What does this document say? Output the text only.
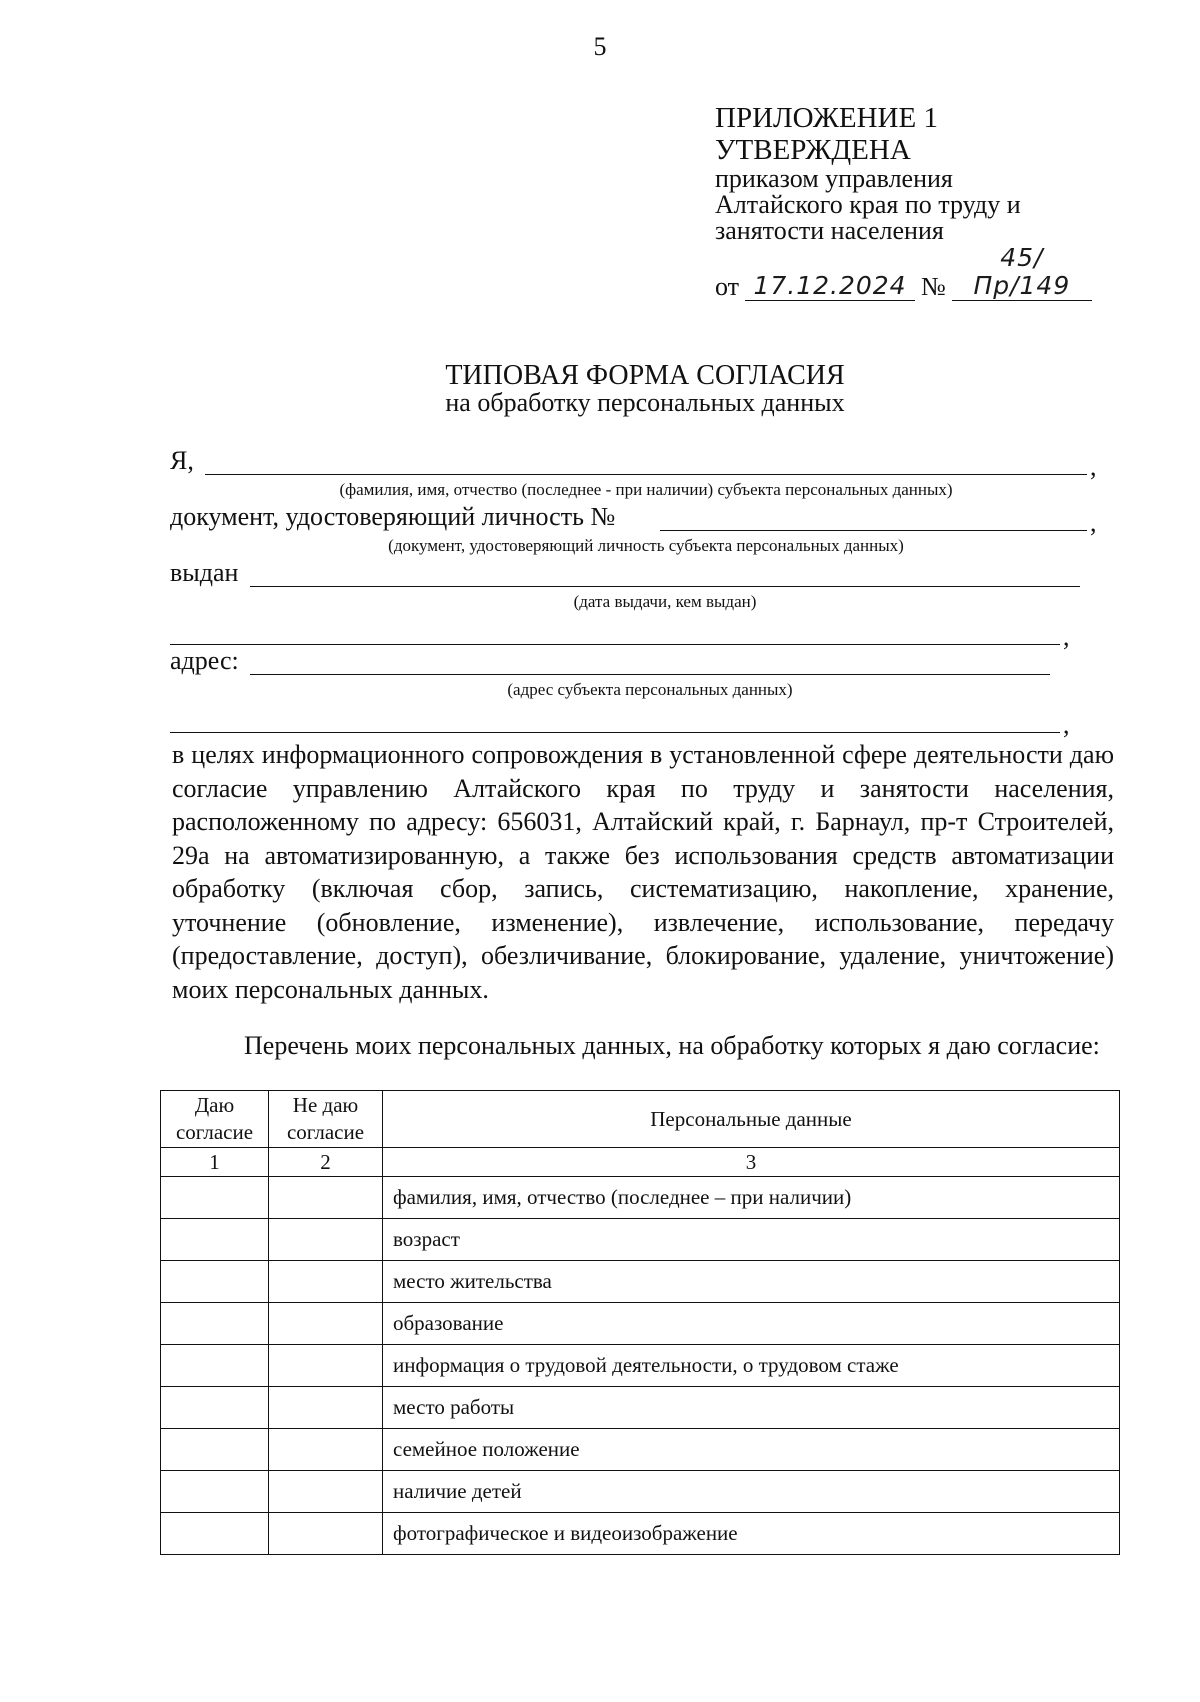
5
ПРИЛОЖЕНИЕ 1
УТВЕРЖДЕНА
приказом управления
Алтайского края по труду и
занятости населения
от 17.12.2024 №
45/Пр/149
ТИПОВАЯ ФОРМА СОГЛАСИЯ
на обработку персональных данных
Я,	,
(фамилия, имя, отчество (последнее - при наличии) субъекта персональных данных)
документ, удостоверяющий личность №	,
(документ, удостоверяющий личность субъекта персональных данных)
выдан
(дата выдачи, кем выдан)
,
адрес:
(адрес субъекта персональных данных)
,

в целях информационного сопровождения в установленной сфере деятельности даю согласие управлению Алтайского края по труду и занятости населения, расположенному по адресу: 656031, Алтайский край, г. Барнаул, пр-т Строителей, 29а на автоматизированную, а также без использования средств автоматизации обработку (включая сбор, запись, систематизацию, накопление, хранение, уточнение (обновление, изменение), извлечение, использование, передачу (предоставление, доступ), обезличивание, блокирование, удаление, уничтожение) моих персональных данных.

Перечень моих персональных данных, на обработку которых я даю согласие:
Даю согласие	Не даю согласие	Персональные данные
1	2	3
		фамилия, имя, отчество (последнее – при наличии)
		возраст
		место жительства
		образование
		информация о трудовой деятельности, о трудовом стаже
		место работы
		семейное положение
		наличие детей
		фотографическое и видеоизображение
